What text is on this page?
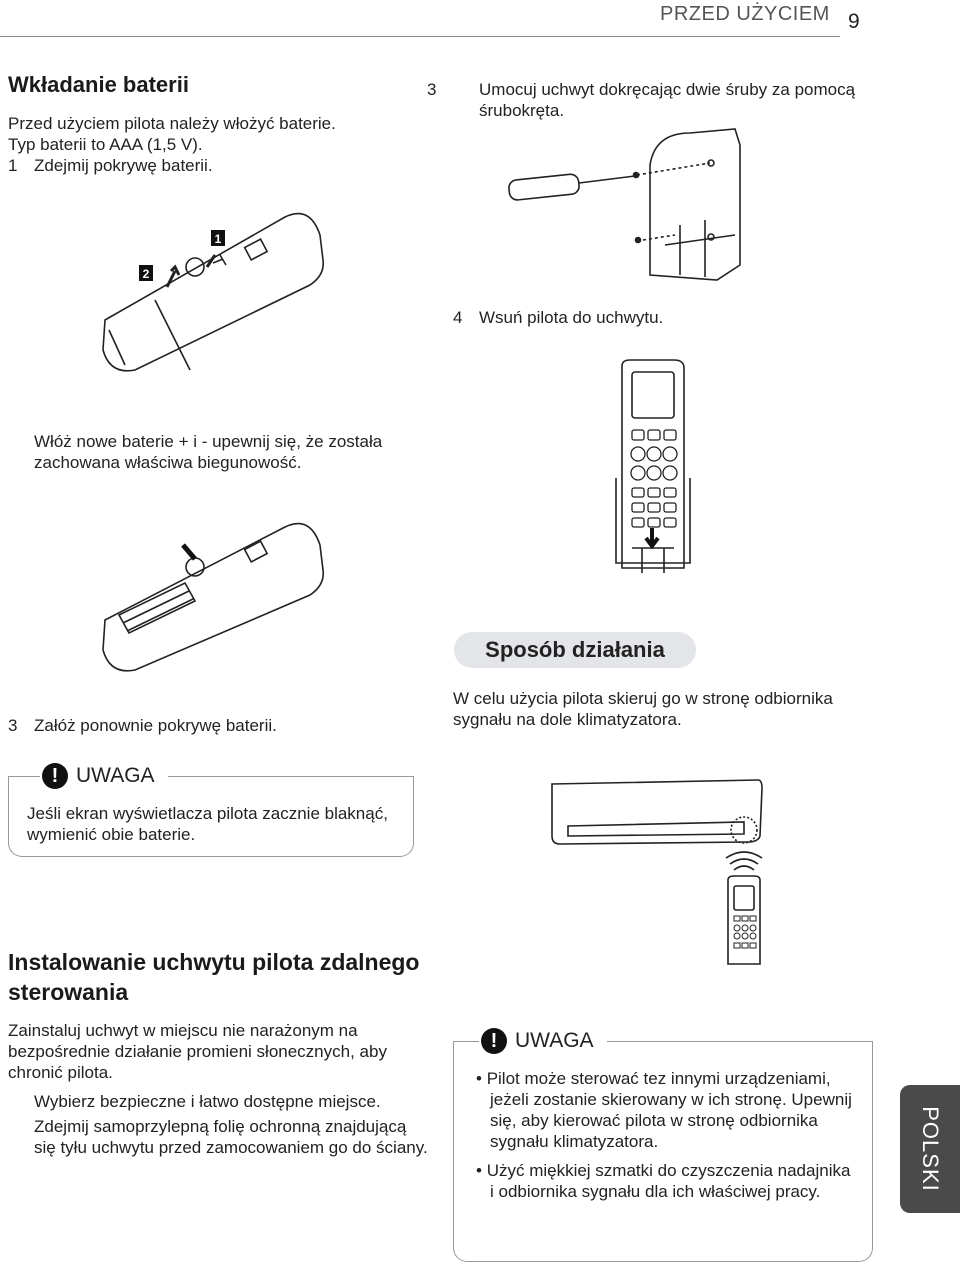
PRZED UŻYCIEM 9
Wkładanie baterii
Przed użyciem pilota należy włożyć baterie.
Typ baterii to AAA (1,5 V).
1 Zdejmij pokrywę baterii.
1
2
Włóż nowe baterie + i - upewnij się, że została zachowana właściwa biegunowość.
3 Załóż ponownie pokrywę baterii.
! UWAGA
Jeśli ekran wyświetlacza pilota zacznie blaknąć, wymienić obie baterie.
Instalowanie uchwytu pilota zdalnego sterowania
Zainstaluj uchwyt w miejscu nie narażonym na bezpośrednie działanie promieni słonecznych, aby chronić pilota.
Wybierz bezpieczne i łatwo dostępne miejsce.
Zdejmij samoprzylepną folię ochronną znajdującą się tyłu uchwytu przed zamocowaniem go do ściany.
3	Umocuj uchwyt dokręcając dwie śruby za pomocą śrubokręta.
4 Wsuń pilota do uchwytu.
Sposób działania
W celu użycia pilota skieruj go w stronę odbiornika sygnału na dole klimatyzatora.
! UWAGA
• Pilot może sterować tez innymi urządzeniami, jeżeli zostanie skierowany w ich stronę. Upewnij się, aby kierować pilota w stronę odbiornika sygnału klimatyzatora.
• Użyć miękkiej szmatki do czyszczenia nadajnika i odbiornika sygnału dla ich właściwej pracy.	POLSKI
